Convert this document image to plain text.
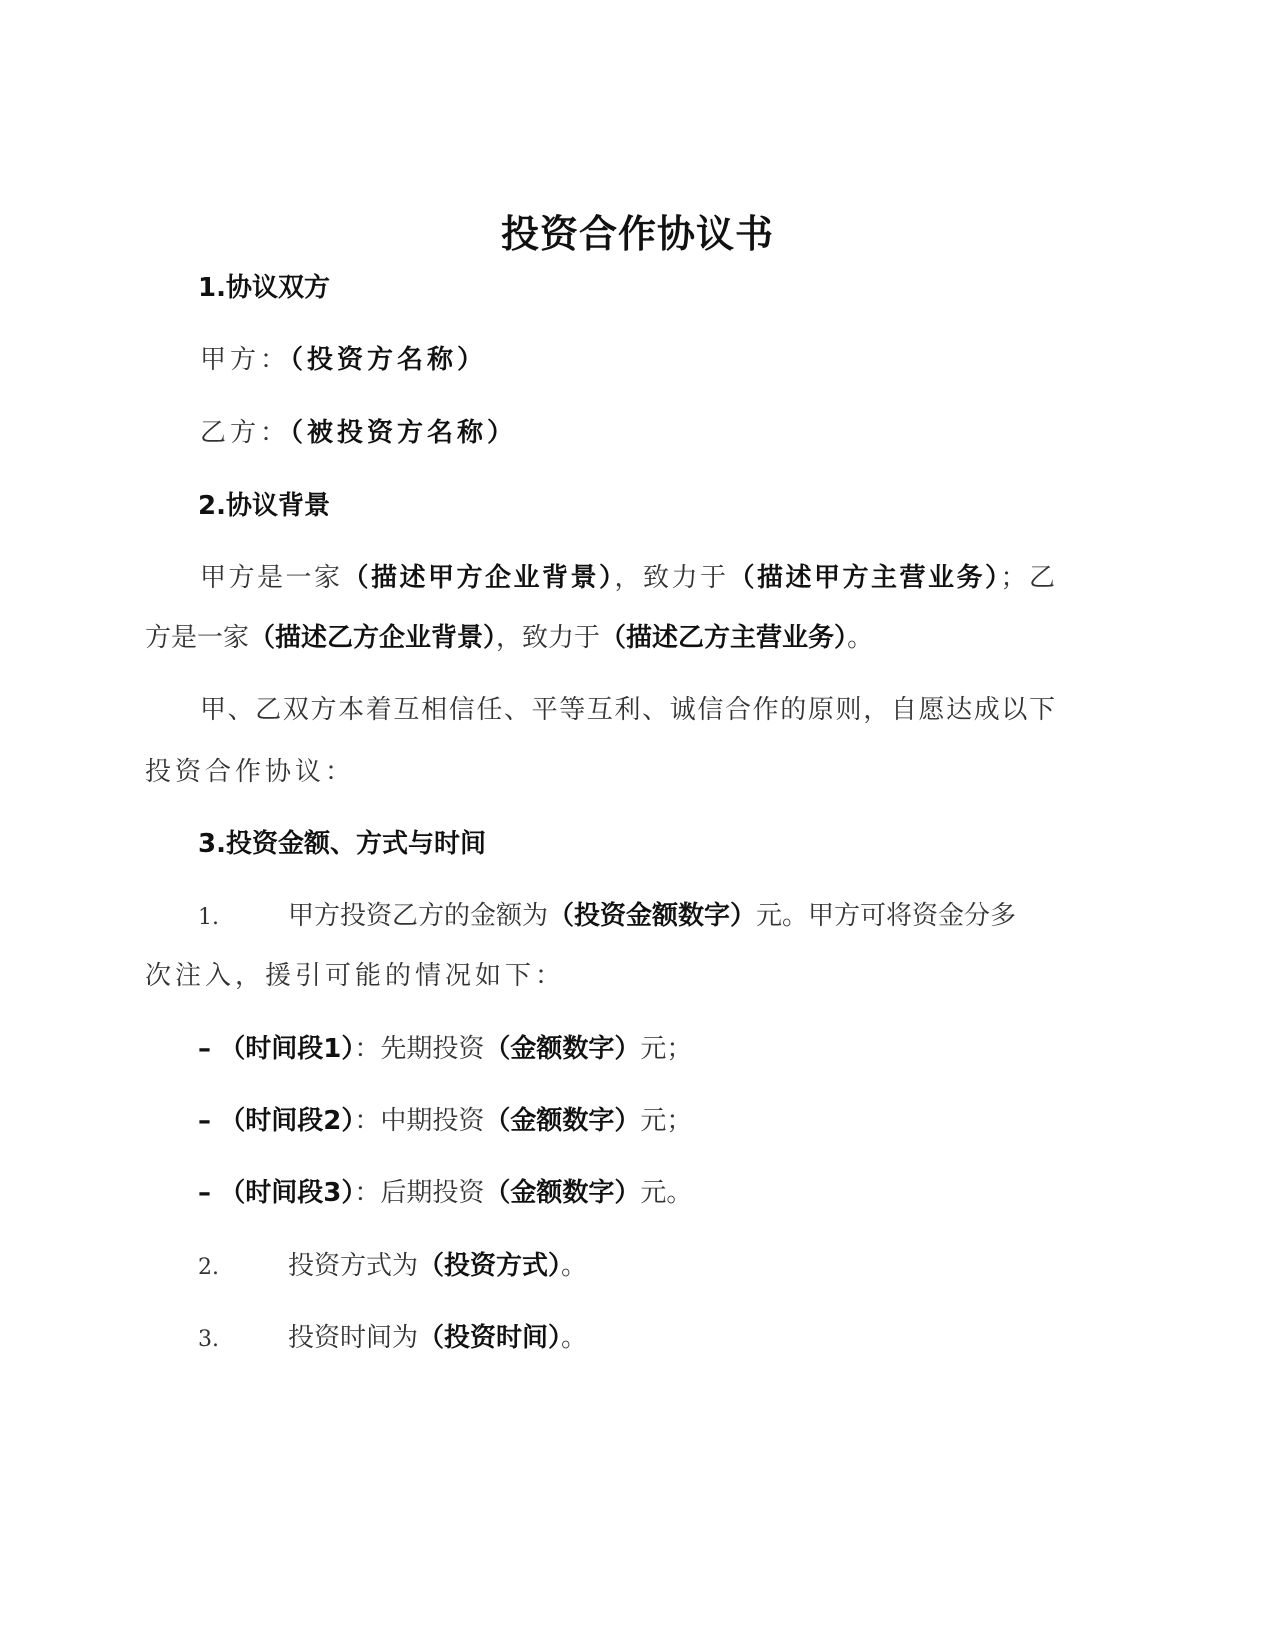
投资合作协议书
1.协议双方
甲方：（投资方名称）
乙方：（被投资方名称）
2.协议背景
甲方是一家（描述甲方企业背景），致力于（描述甲方主营业务）；乙
方是一家（描述乙方企业背景），致力于（描述乙方主营业务）。
甲、乙双方本着互相信任、平等互利、诚信合作的原则，自愿达成以下
投资合作协议：
3.投资金额、方式与时间
1.	甲方投资乙方的金额为（投资金额数字）元。甲方可将资金分多
次注入，援引可能的情况如下：
– （时间段1）：先期投资（金额数字）元；
– （时间段2）：中期投资（金额数字）元；
– （时间段3）：后期投资（金额数字）元。
2.	投资方式为（投资方式）。
3.	投资时间为（投资时间）。
